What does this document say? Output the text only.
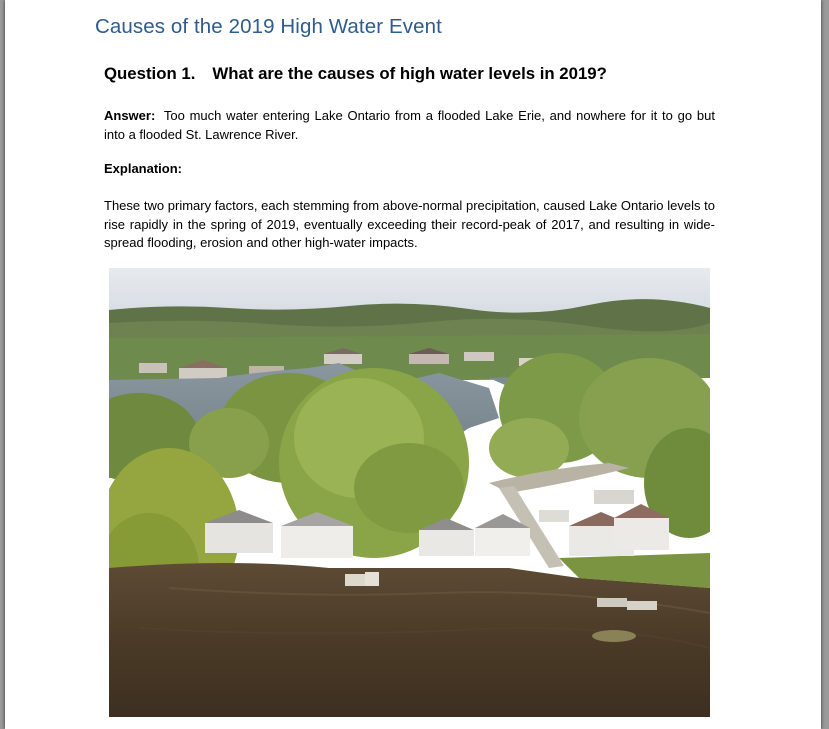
Causes of the 2019 High Water Event
Question 1. What are the causes of high water levels in 2019?
Answer: Too much water entering Lake Ontario from a flooded Lake Erie, and nowhere for it to go but into a flooded St. Lawrence River.
Explanation:
These two primary factors, each stemming from above-normal precipitation, caused Lake Ontario levels to rise rapidly in the spring of 2019, eventually exceeding their record-peak of 2017, and resulting in wide-spread flooding, erosion and other high-water impacts.
